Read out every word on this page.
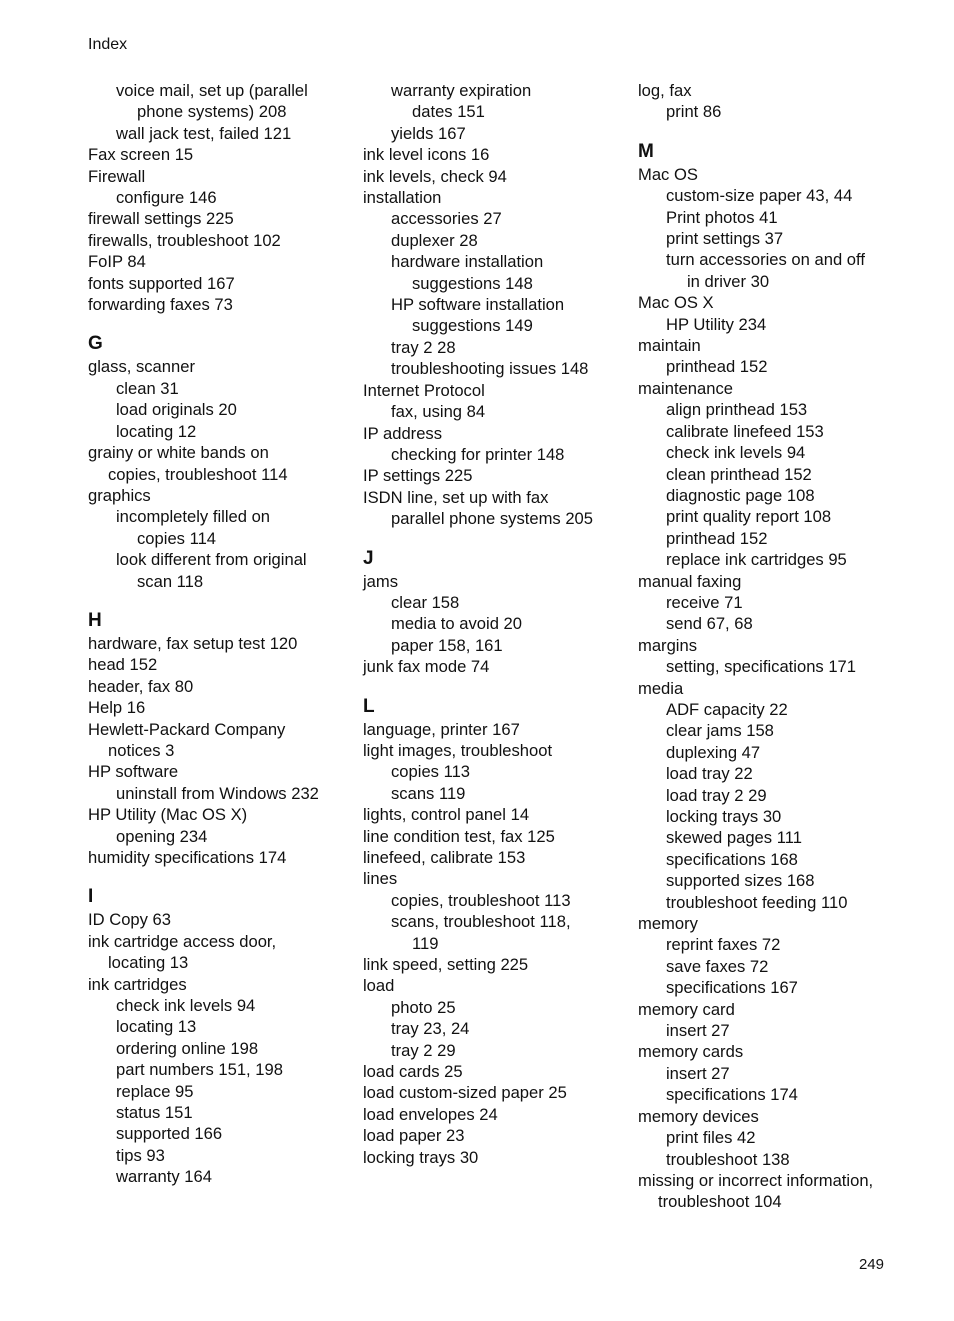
Index
voice mail, set up (parallel
phone systems) 208
wall jack test, failed 121
Fax screen 15
Firewall
configure 146
firewall settings 225
firewalls, troubleshoot 102
FoIP 84
fonts supported 167
forwarding faxes 73
G
glass, scanner
clean 31
load originals 20
locating 12
grainy or white bands on
copies, troubleshoot 114
graphics
incompletely filled on
copies 114
look different from original
scan 118
H
hardware, fax setup test 120
head 152
header, fax 80
Help 16
Hewlett-Packard Company
notices 3
HP software
uninstall from Windows 232
HP Utility (Mac OS X)
opening 234
humidity specifications 174
I
ID Copy 63
ink cartridge access door,
locating 13
ink cartridges
check ink levels 94
locating 13
ordering online 198
part numbers 151, 198
replace 95
status 151
supported 166
tips 93
warranty 164
warranty expiration
dates 151
yields 167
ink level icons 16
ink levels, check 94
installation
accessories 27
duplexer 28
hardware installation
suggestions 148
HP software installation
suggestions 149
tray 2 28
troubleshooting issues 148
Internet Protocol
fax, using 84
IP address
checking for printer 148
IP settings 225
ISDN line, set up with fax
parallel phone systems 205
J
jams
clear 158
media to avoid 20
paper 158, 161
junk fax mode 74
L
language, printer 167
light images, troubleshoot
copies 113
scans 119
lights, control panel 14
line condition test, fax 125
linefeed, calibrate 153
lines
copies, troubleshoot 113
scans, troubleshoot 118,
119
link speed, setting 225
load
photo 25
tray 23, 24
tray 2 29
load cards 25
load custom-sized paper 25
load envelopes 24
load paper 23
locking trays 30
log, fax
print 86
M
Mac OS
custom-size paper 43, 44
Print photos 41
print settings 37
turn accessories on and off
in driver 30
Mac OS X
HP Utility 234
maintain
printhead 152
maintenance
align printhead 153
calibrate linefeed 153
check ink levels 94
clean printhead 152
diagnostic page 108
print quality report 108
printhead 152
replace ink cartridges 95
manual faxing
receive 71
send 67, 68
margins
setting, specifications 171
media
ADF capacity 22
clear jams 158
duplexing 47
load tray 22
load tray 2 29
locking trays 30
skewed pages 111
specifications 168
supported sizes 168
troubleshoot feeding 110
memory
reprint faxes 72
save faxes 72
specifications 167
memory card
insert 27
memory cards
insert 27
specifications 174
memory devices
print files 42
troubleshoot 138
missing or incorrect information,
troubleshoot 104
249
